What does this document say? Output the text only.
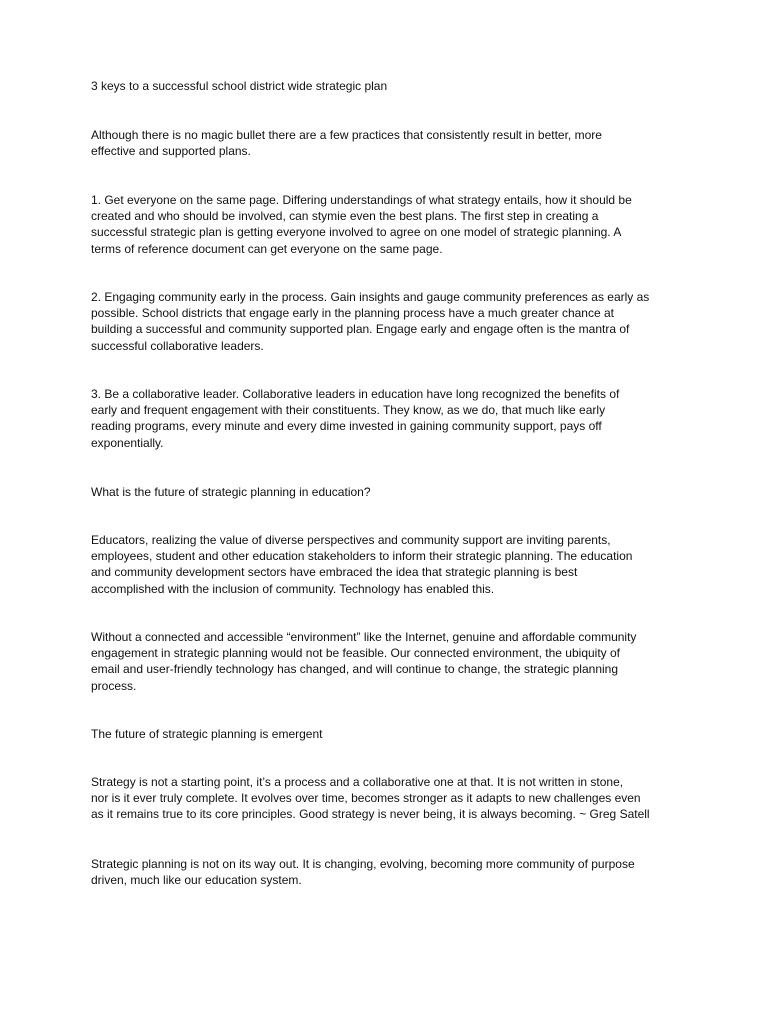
3 keys to a successful school district wide strategic plan
Although there is no magic bullet there are a few practices that consistently result in better, more
effective and supported plans.
1. Get everyone on the same page. Differing understandings of what strategy entails, how it should be
created and who should be involved, can stymie even the best plans. The first step in creating a
successful strategic plan is getting everyone involved to agree on one model of strategic planning. A
terms of reference document can get everyone on the same page.
2. Engaging community early in the process. Gain insights and gauge community preferences as early as
possible. School districts that engage early in the planning process have a much greater chance at
building a successful and community supported plan. Engage early and engage often is the mantra of
successful collaborative leaders.
3. Be a collaborative leader. Collaborative leaders in education have long recognized the benefits of
early and frequent engagement with their constituents. They know, as we do, that much like early
reading programs, every minute and every dime invested in gaining community support, pays off
exponentially.
What is the future of strategic planning in education?
Educators, realizing the value of diverse perspectives and community support are inviting parents,
employees, student and other education stakeholders to inform their strategic planning. The education
and community development sectors have embraced the idea that strategic planning is best
accomplished with the inclusion of community. Technology has enabled this.
Without a connected and accessible “environment” like the Internet, genuine and affordable community
engagement in strategic planning would not be feasible. Our connected environment, the ubiquity of
email and user-friendly technology has changed, and will continue to change, the strategic planning
process.
The future of strategic planning is emergent
Strategy is not a starting point, it’s a process and a collaborative one at that. It is not written in stone,
nor is it ever truly complete. It evolves over time, becomes stronger as it adapts to new challenges even
as it remains true to its core principles. Good strategy is never being, it is always becoming. ~ Greg Satell
Strategic planning is not on its way out. It is changing, evolving, becoming more community of purpose
driven, much like our education system.
